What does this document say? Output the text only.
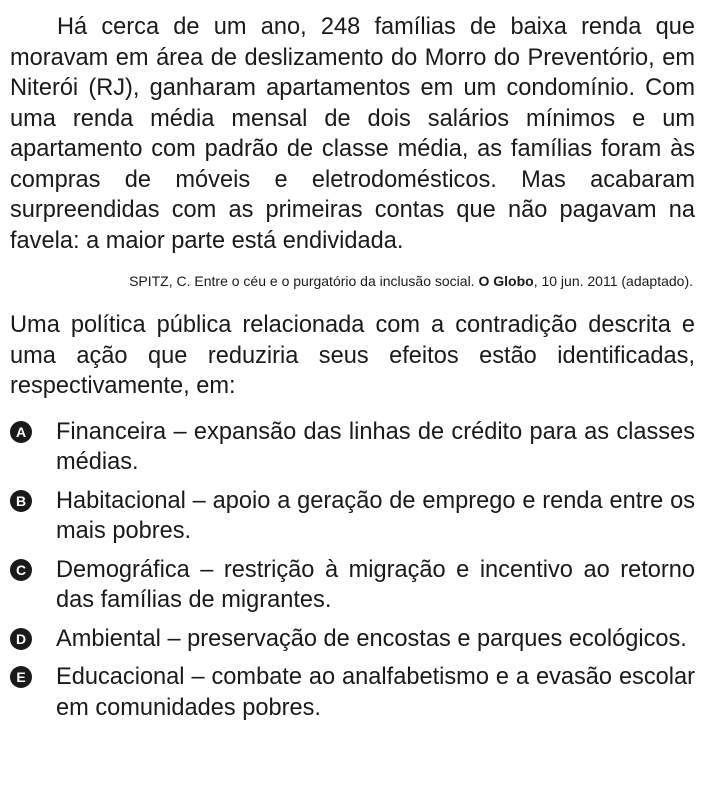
Há cerca de um ano, 248 famílias de baixa renda que moravam em área de deslizamento do Morro do Preventório, em Niterói (RJ), ganharam apartamentos em um condomínio. Com uma renda média mensal de dois salários mínimos e um apartamento com padrão de classe média, as famílias foram às compras de móveis e eletrodomésticos. Mas acabaram surpreendidas com as primeiras contas que não pagavam na favela: a maior parte está endividada.

SPITZ, C. Entre o céu e o purgatório da inclusão social. O Globo, 10 jun. 2011 (adaptado).

Uma política pública relacionada com a contradição descrita e uma ação que reduziria seus efeitos estão identificadas, respectivamente, em:

A Financeira – expansão das linhas de crédito para as classes médias.
B Habitacional – apoio a geração de emprego e renda entre os mais pobres.
C Demográfica – restrição à migração e incentivo ao retorno das famílias de migrantes.
D Ambiental – preservação de encostas e parques ecológicos.
E Educacional – combate ao analfabetismo e a evasão escolar em comunidades pobres.
